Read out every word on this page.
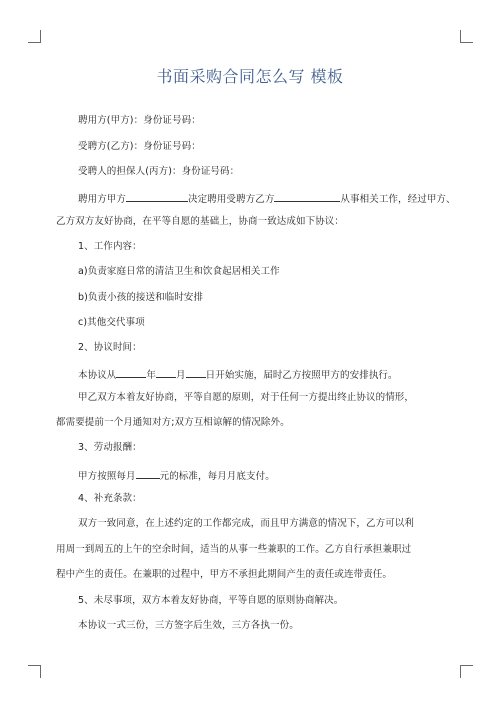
书面采购合同怎么写 模板
聘用方(甲方)：身份证号码：
受聘方(乙方)：身份证号码：
受聘人的担保人(丙方)：身份证号码：
聘用方甲方	决定聘用受聘方乙方	从事相关工作，经过甲方、
乙方双方友好协商，在平等自愿的基础上，协商一致达成如下协议：
1、工作内容：
a)负责家庭日常的清洁卫生和饮食起居相关工作
b)负责小孩的接送和临时安排
c)其他交代事项
2、协议时间：
本协议从	年 月 日开始实施，届时乙方按照甲方的安排执行。
甲乙双方本着友好协商，平等自愿的原则，对于任何一方提出终止协议的情形，
都需要提前一个月通知对方;双方互相谅解的情况除外。
3、劳动报酬：
甲方按照每月	元的标准，每月月底支付。
4、补充条款：
双方一致同意，在上述约定的工作都完成，而且甲方满意的情况下，乙方可以利
用周一到周五的上午的空余时间，适当的从事一些兼职的工作。乙方自行承担兼职过
程中产生的责任。在兼职的过程中，甲方不承担此期间产生的责任或连带责任。
5、未尽事项，双方本着友好协商，平等自愿的原则协商解决。
本协议一式三份，三方签字后生效，三方各执一份。
